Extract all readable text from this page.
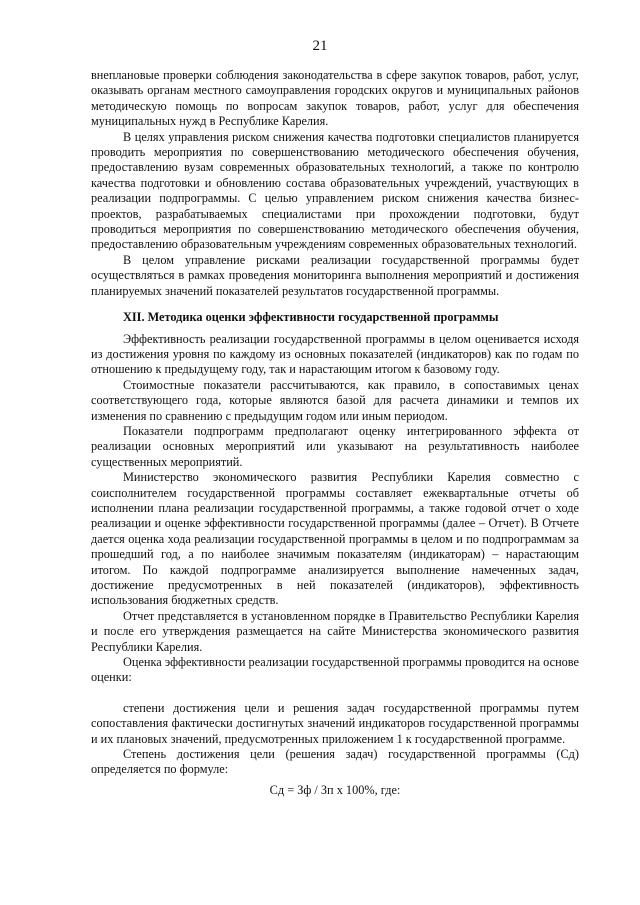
21

внеплановые проверки соблюдения законодательства в сфере закупок товаров, работ, услуг, оказывать органам местного самоуправления городских округов и муниципальных районов методическую помощь по вопросам закупок товаров, работ, услуг для обеспечения муниципальных нужд в Республике Карелия.

В целях управления риском снижения качества подготовки специалистов планируется проводить мероприятия по совершенствованию методического обеспечения обучения, предоставлению вузам современных образовательных технологий, а также по контролю качества подготовки и обновлению состава образовательных учреждений, участвующих в реализации подпрограммы. С целью управлением риском снижения качества бизнес-проектов, разрабатываемых специалистами при прохождении подготовки, будут проводиться мероприятия по совершенствованию методического обеспечения обучения, предоставлению образовательным учреждениям современных образовательных технологий.

В целом управление рисками реализации государственной программы будет осуществляться в рамках проведения мониторинга выполнения мероприятий и достижения планируемых значений показателей результатов государственной программы.

XII. Методика оценки эффективности государственной программы

Эффективность реализации государственной программы в целом оценивается исходя из достижения уровня по каждому из основных показателей (индикаторов) как по годам по отношению к предыдущему году, так и нарастающим итогом к базовому году.

Стоимостные показатели рассчитываются, как правило, в сопоставимых ценах соответствующего года, которые являются базой для расчета динамики и темпов их изменения по сравнению с предыдущим годом или иным периодом.

Показатели подпрограмм предполагают оценку интегрированного эффекта от реализации основных мероприятий или указывают на результативность наиболее существенных мероприятий.

Министерство экономического развития Республики Карелия совместно с соисполнителем государственной программы составляет ежеквартальные отчеты об исполнении плана реализации государственной программы, а также годовой отчет о ходе реализации и оценке эффективности государственной программы (далее – Отчет). В Отчете дается оценка хода реализации государственной программы в целом и по подпрограммам за прошедший год, а по наиболее значимым показателям (индикаторам) – нарастающим итогом. По каждой подпрограмме анализируется выполнение намеченных задач, достижение предусмотренных в ней показателей (индикаторов), эффективность использования бюджетных средств.

Отчет представляется в установленном порядке в Правительство Республики Карелия и после его утверждения размещается на сайте Министерства экономического развития Республики Карелия.

Оценка эффективности реализации государственной программы проводится на основе оценки:

степени достижения цели и решения задач государственной программы путем сопоставления фактически достигнутых значений индикаторов государственной программы и их плановых значений, предусмотренных приложением 1 к государственной программе.

Степень достижения цели (решения задач) государственной программы (Сд) определяется по формуле:

Сд = Зф / Зп х 100%, где:
